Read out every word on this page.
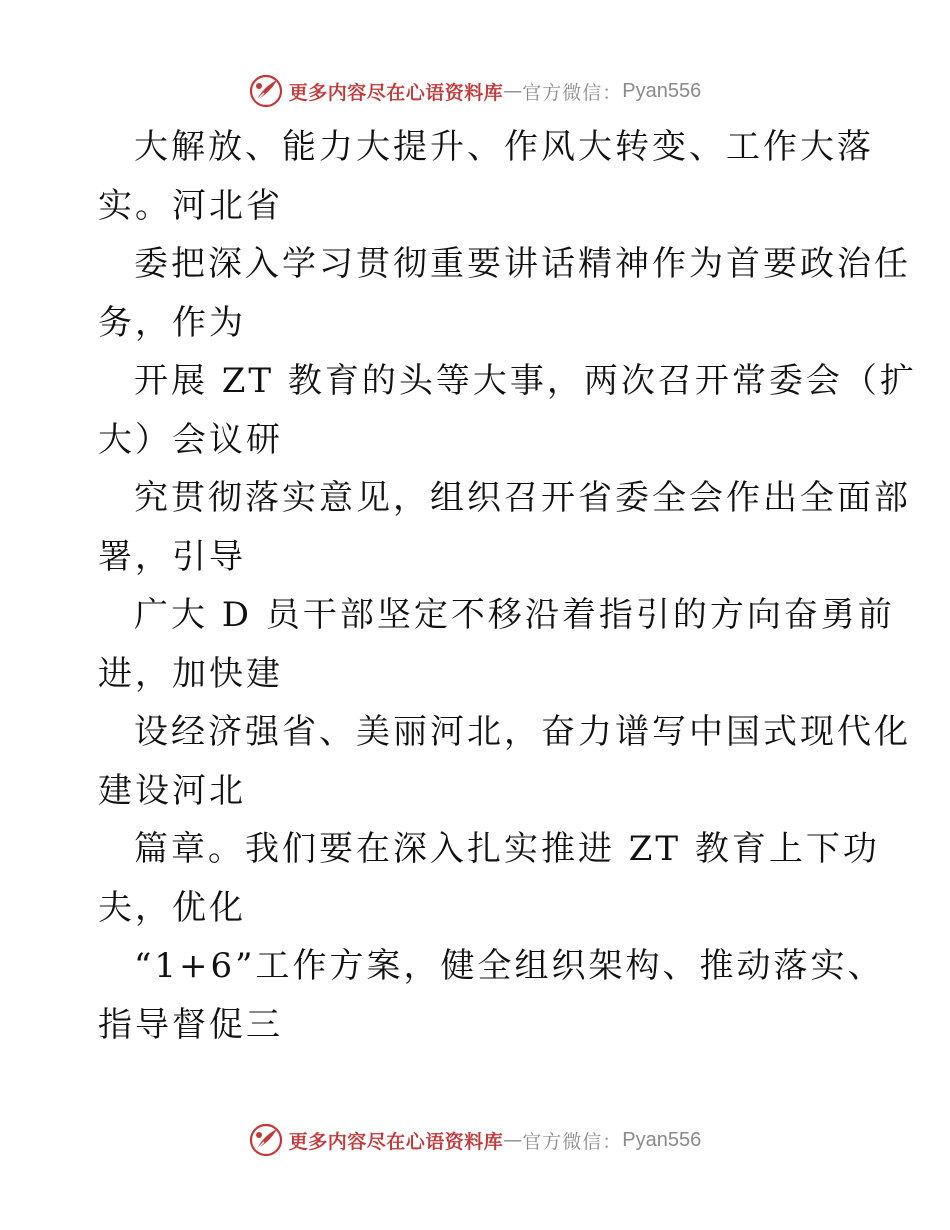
更多内容尽在心语资料库 — 官方微信： Pyan556
大解放、能力大提升、作风大转变、工作大落
实。河北省
委把深入学习贯彻重要讲话精神作为首要政治任
务，作为
开展 ZT 教育的头等大事，两次召开常委会（扩
大）会议研
究贯彻落实意见，组织召开省委全会作出全面部
署，引导
广大 D 员干部坚定不移沿着指引的方向奋勇前
进，加快建
设经济强省、美丽河北，奋力谱写中国式现代化
建设河北
篇章。我们要在深入扎实推进 ZT 教育上下功
夫，优化
“1+6”工作方案，健全组织架构、推动落实、
指导督促三
更多内容尽在心语资料库 — 官方微信： Pyan556
